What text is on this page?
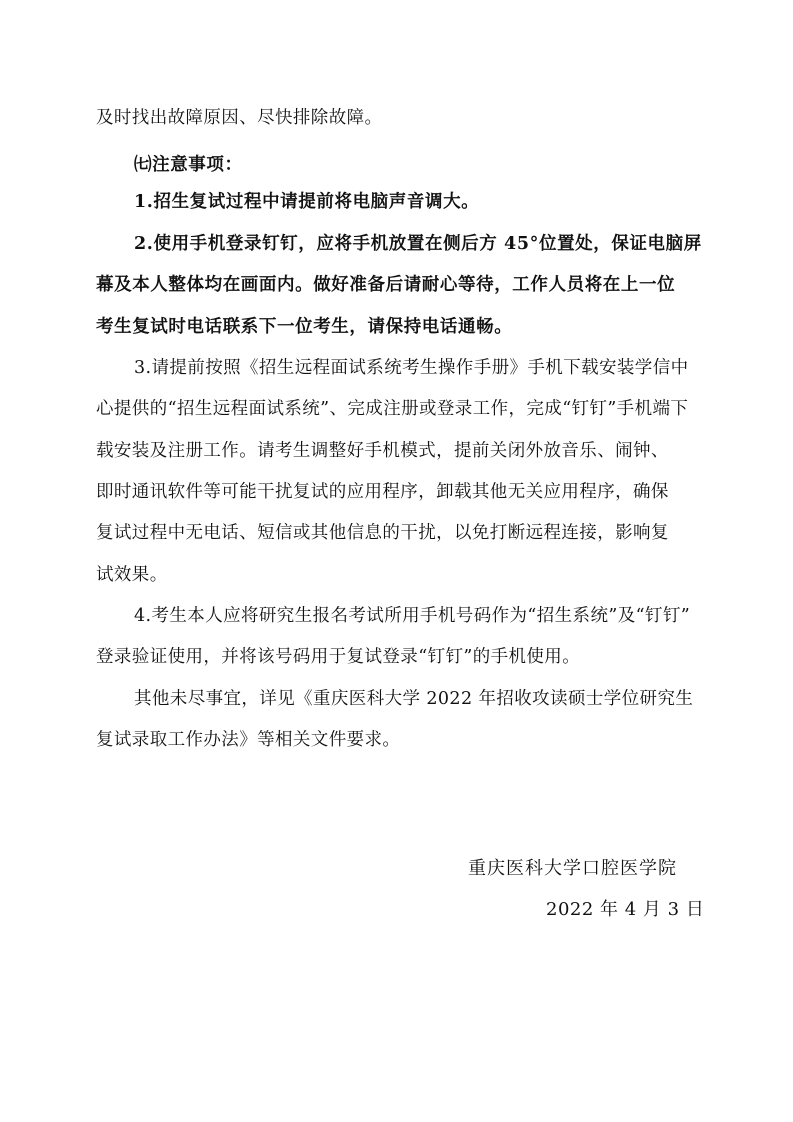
及时找出故障原因、尽快排除故障。
㈦注意事项：
1.招生复试过程中请提前将电脑声音调大。
2.使用手机登录钉钉，应将手机放置在侧后方 45°位置处，保证电脑屏
幕及本人整体均在画面内。做好准备后请耐心等待，工作人员将在上一位
考生复试时电话联系下一位考生，请保持电话通畅。
3.请提前按照《招生远程面试系统考生操作手册》手机下载安装学信中
心提供的“招生远程面试系统”、完成注册或登录工作，完成“钉钉”手机端下
载安装及注册工作。请考生调整好手机模式，提前关闭外放音乐、闹钟、
即时通讯软件等可能干扰复试的应用程序，卸载其他无关应用程序，确保
复试过程中无电话、短信或其他信息的干扰，以免打断远程连接，影响复
试效果。
4.考生本人应将研究生报名考试所用手机号码作为“招生系统”及“钉钉”
登录验证使用，并将该号码用于复试登录“钉钉”的手机使用。
其他未尽事宜，详见《重庆医科大学 2022 年招收攻读硕士学位研究生
复试录取工作办法》等相关文件要求。
重庆医科大学口腔医学院
2022 年 4 月 3 日
